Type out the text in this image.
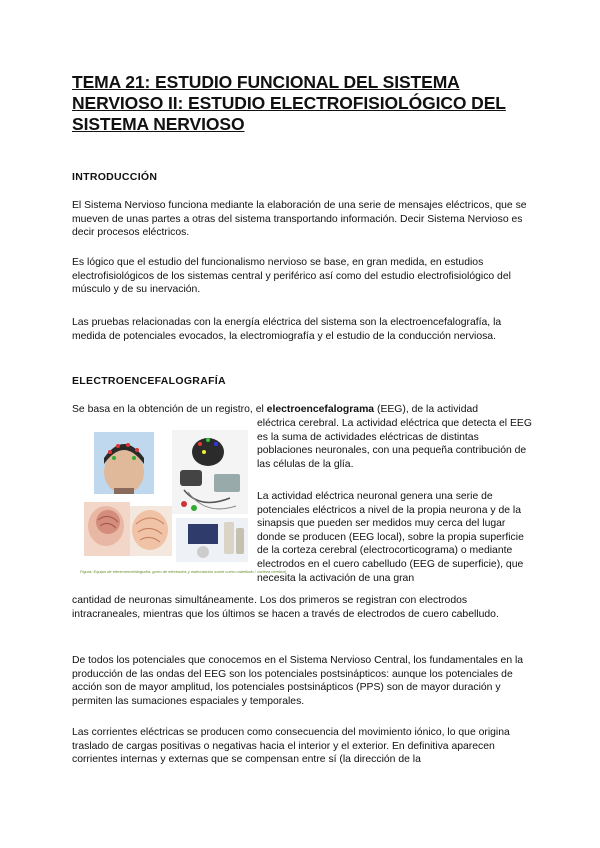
TEMA 21: ESTUDIO FUNCIONAL DEL SISTEMA NERVIOSO II: ESTUDIO ELECTROFISIOLÓGICO DEL SISTEMA NERVIOSO
INTRODUCCIÓN

El Sistema Nervioso funciona mediante la elaboración de una serie de mensajes eléctricos, que se mueven de unas partes a otras del sistema transportando información. Decir Sistema Nervioso es decir procesos eléctricos.

Es lógico que el estudio del funcionalismo nervioso se base, en gran medida, en estudios electrofisiológicos de los sistemas central y periférico así como del estudio electrofisiológico del músculo y de su inervación.

Las pruebas relacionadas con la energía eléctrica del sistema son la electroencefalografía, la medida de potenciales evocados, la electromiografía y el estudio de la conducción nerviosa.

ELECTROENCEFALOGRAFÍA

Se basa en la obtención de un registro, el electroencefalograma (EEG), de la actividad

eléctrica cerebral. La actividad eléctrica que detecta el EEG es la suma de actividades eléctricas de distintas poblaciones neuronales, con una pequeña contribución de las células de la glía.

La actividad eléctrica neuronal genera una serie de potenciales eléctricos a nivel de la propia neurona y de la sinapsis que pueden ser medidos muy cerca del lugar donde se producen (EEG local), sobre la propia superficie de la corteza cerebral (electrocorticograma) o mediante electrodos en el cuero cabelludo (EEG de superficie), que necesita la activación de una gran

cantidad de neuronas simultáneamente. Los dos primeros se registran con electrodos intracraneales, mientras que los últimos se hacen a través de electrodos de cuero cabelludo.

De todos los potenciales que conocemos en el Sistema Nervioso Central, los fundamentales en la producción de las ondas del EEG son los potenciales postsinápticos: aunque los potenciales de acción son de mayor amplitud, los potenciales postsinápticos (PPS) son de mayor duración y permiten las sumaciones espaciales y temporales.

Las corrientes eléctricas se producen como consecuencia del movimiento iónico, lo que origina traslado de cargas positivas o negativas hacia el interior y el exterior. En definitiva aparecen corrientes internas y externas que se compensan entre sí (la dirección de la

Figura: Equipo de electroencefalografía, gorro de electrodos y estimulación sobre cuero cabelludo / corteza cerebral
